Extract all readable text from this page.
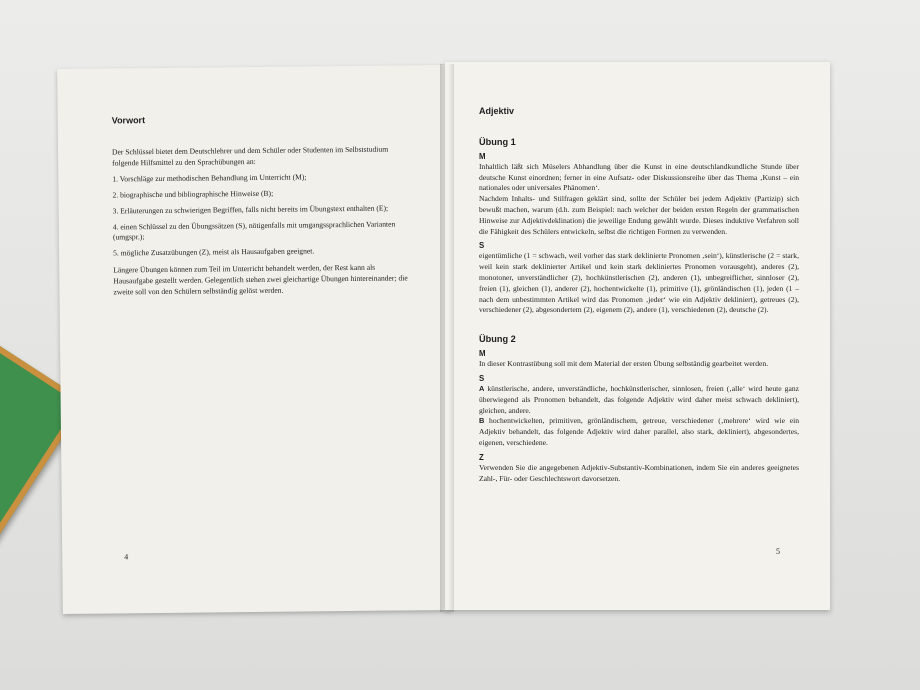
Vorwort

Der Schlüssel bietet dem Deutschlehrer und dem Schüler oder Studenten im Selbststudium folgende Hilfsmittel zu den Sprachübungen an:

1. Vorschläge zur methodischen Behandlung im Unterricht (M);
2. biographische und bibliographische Hinweise (B);
3. Erläuterungen zu schwierigen Begriffen, falls nicht bereits im Übungstext enthalten (E);
4. einen Schlüssel zu den Übungssätzen (S), nötigenfalls mit umgangssprachlichen Varianten (umgspr.);
5. mögliche Zusatzübungen (Z), meist als Hausaufgaben geeignet.

Längere Übungen können zum Teil im Unterricht behandelt werden, der Rest kann als Hausaufgabe gestellt werden. Gelegentlich stehen zwei gleichartige Übungen hintereinander; die zweite soll von den Schülern selbständig gelöst werden.

4
Adjektiv
Übung 1
M

Inhaltlich läßt sich Müselers Abhandlung über die Kunst in eine deutschlandkundliche Stunde über deutsche Kunst einordnen; ferner in eine Aufsatz- oder Diskussionsreihe über das Thema ‚Kunst – ein nationales oder universales Phänomen‘.

Nachdem Inhalts- und Stilfragen geklärt sind, sollte der Schüler bei jedem Adjektiv (Partizip) sich bewußt machen, warum (d.h. zum Beispiel: nach welcher der beiden ersten Regeln der grammatischen Hinweise zur Adjektivdeklination) die jeweilige Endung gewählt wurde. Dieses induktive Verfahren soll die Fähigkeit des Schülers entwickeln, selbst die richtigen Formen zu verwenden.

S

eigentümliche (1 = schwach, weil vorher das stark deklinierte Pronomen ‚sein‘), künstlerische (2 = stark, weil kein stark deklinierter Artikel und kein stark dekliniertes Pronomen vorausgeht), anderes (2), monotoner, unverständlicher (2), hochkünstlerischen (2), anderen (1), unbegreiflicher, sinnloser (2), freien (1), gleichen (1), anderer (2), hochentwickelte (1), primitive (1), grönländischen (1), jeden (1 – nach dem unbestimmten Artikel wird das Pronomen ‚jeder‘ wie ein Adjektiv dekliniert), getreues (2), verschiedener (2), abgesondertem (2), eigenem (2), andere (1), verschiedenen (2), deutsche (2).

Übung 2
M

In dieser Kontrastübung soll mit dem Material der ersten Übung selbständig gearbeitet werden.

S

A künstlerische, andere, unverständliche, hochkünstlerischer, sinnlosen, freien (‚alle‘ wird heute ganz überwiegend als Pronomen behandelt, das folgende Adjektiv wird daher meist schwach dekliniert), gleichen, andere.

B hochentwickelten, primitiven, grönländischem, getreue, verschiedener (‚mehrere‘ wird wie ein Adjektiv behandelt, das folgende Adjektiv wird daher parallel, also stark, dekliniert), abgesondertes, eigenen, verschiedene.

Z

Verwenden Sie die angegebenen Adjektiv-Substantiv-Kombinationen, indem Sie ein anderes geeignetes Zahl-, Für- oder Geschlechtswort davorsetzen.

5
